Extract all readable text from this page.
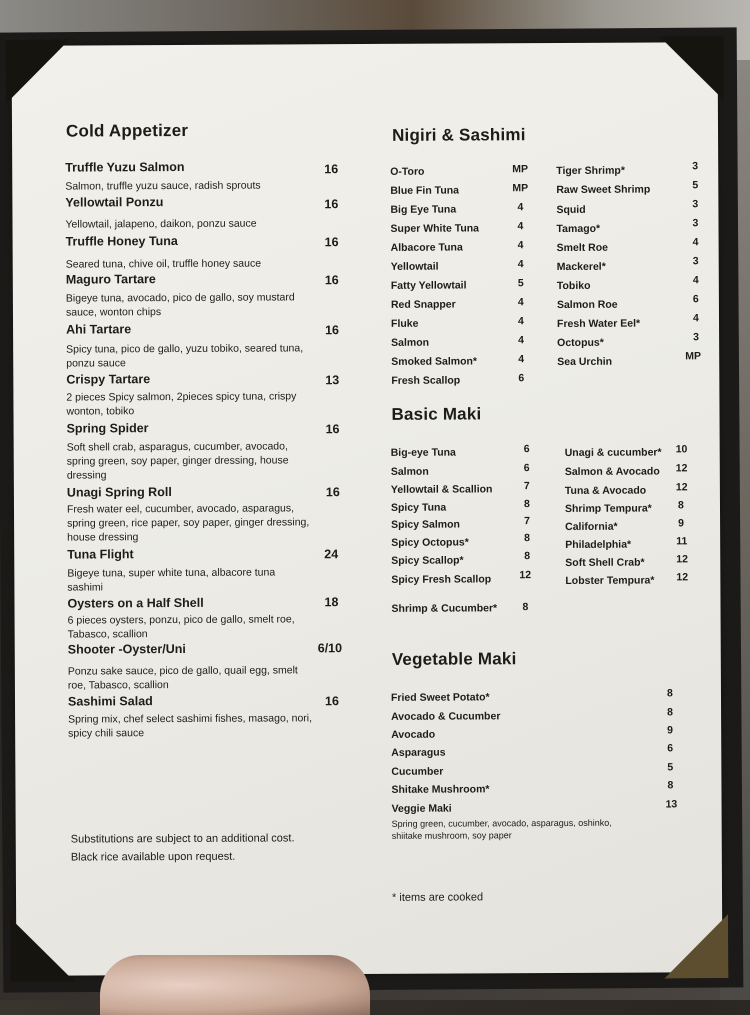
Cold Appetizer
Truffle Yuzu Salmon	16
Salmon, truffle yuzu sauce, radish sprouts
Yellowtail Ponzu	16
Yellowtail, jalapeno, daikon, ponzu sauce
Truffle Honey Tuna	16
Seared tuna, chive oil, truffle honey sauce
Maguro Tartare	16
Bigeye tuna, avocado, pico de gallo, soy mustard sauce, wonton chips
Ahi Tartare	16
Spicy tuna, pico de gallo, yuzu tobiko, seared tuna, ponzu sauce
Crispy Tartare	13
2 pieces Spicy salmon, 2pieces spicy tuna, crispy wonton, tobiko
Spring Spider	16
Soft shell crab, asparagus, cucumber, avocado, spring green, soy paper, ginger dressing, house dressing
Unagi Spring Roll	16
Fresh water eel, cucumber, avocado, asparagus, spring green, rice paper, soy paper, ginger dressing, house dressing
Tuna Flight	24
Bigeye tuna, super white tuna, albacore tuna sashimi
Oysters on a Half Shell	18
6 pieces oysters, ponzu, pico de gallo, smelt roe, Tabasco, scallion
Shooter -Oyster/Uni	6/10
Ponzu sake sauce, pico de gallo, quail egg, smelt roe, Tabasco, scallion
Sashimi Salad	16
Spring mix, chef select sashimi fishes, masago, nori, spicy chili sauce
Substitutions are subject to an additional cost.
Black rice available upon request.
Nigiri & Sashimi
O-Toro	MP
Blue Fin Tuna	MP
Big Eye Tuna	4
Super White Tuna	4
Albacore Tuna	4
Yellowtail	4
Fatty Yellowtail	5
Red Snapper	4
Fluke	4
Salmon	4
Smoked Salmon*	4
Fresh Scallop	6
Tiger Shrimp*	3
Raw Sweet Shrimp	5
Squid	3
Tamago*	3
Smelt Roe	4
Mackerel*	3
Tobiko	4
Salmon Roe	6
Fresh Water Eel*	4
Octopus*	3
Sea Urchin	MP
Basic Maki
Big-eye Tuna	6
Salmon	6
Yellowtail & Scallion	7
Spicy Tuna	8
Spicy Salmon	7
Spicy Octopus*	8
Spicy Scallop*	8
Spicy Fresh Scallop	12
Shrimp & Cucumber* 8
Unagi & cucumber* 10
Salmon & Avocado 12
Tuna & Avocado	12
Shrimp Tempura* 8
California*	9
Philadelphia*	11
Soft Shell Crab*	12
Lobster Tempura* 12
Vegetable Maki
Fried Sweet Potato*	8
Avocado & Cucumber	8
Avocado	9
Asparagus	6
Cucumber	5
Shitake Mushroom*	8
Veggie Maki	13
Spring green, cucumber, avocado, asparagus, oshinko, shiitake mushroom, soy paper
* items are cooked
